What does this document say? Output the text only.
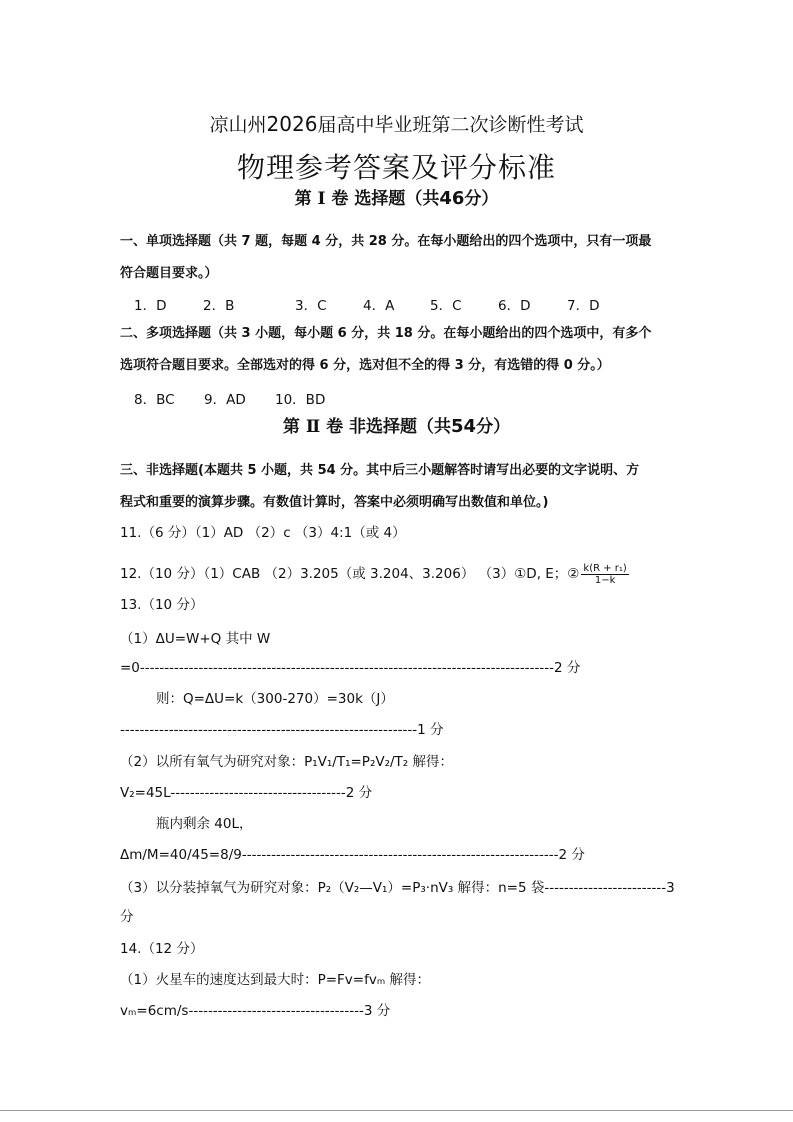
凉山州2026届高中毕业班第二次诊断性考试
物理参考答案及评分标准
第 Ⅰ 卷 选择题（共46分）
一、单项选择题（共 7 题，每题 4 分，共 28 分。在每小题给出的四个选项中，只有一项最
符合题目要求。）
1．D	2．B	3．C	4．A	5．C	6．D	7．D
二、多项选择题（共 3 小题，每小题 6 分，共 18 分。在每小题给出的四个选项中，有多个
选项符合题目要求。全部选对的得 6 分，选对但不全的得 3 分，有选错的得 0 分。）
8．BC 9．AD 10．BD
第 Ⅱ 卷 非选择题（共54分）
三、非选择题(本题共 5 小题，共 54 分。其中后三小题解答时请写出必要的文字说明、方
程式和重要的演算步骤。有数值计算时，答案中必须明确写出数值和单位。)
11.（6 分）（1）AD （2）c （3）4:1（或 4）
12.（10 分）（1）CAB （2）3.205（或 3.204、3.206） （3）①D, E；② $\frac{\text{k(R + r₁)}}{1-k}$
13.（10 分）
（1）ΔU=W+Q 其中 W
=0-------------------------------------------------------------------------------------2 分
则：Q=ΔU=k（300-270）=30k（J）
-------------------------------------------------------------1 分
（2）以所有氧气为研究对象：P₁V₁/T₁=P₂V₂/T₂ 解得：
V₂=45L------------------------------------2 分
瓶内剩余 40L，
Δm/M=40/45=8/9-----------------------------------------------------------------2 分
（3）以分装掉氧气为研究对象：P₂（V₂—V₁）=P₃·nV₃ 解得：n=5 袋-------------------------3
分
14.（12 分）
（1）火星车的速度达到最大时：P=Fv=fvₘ 解得：
vₘ=6cm/s------------------------------------3 分
